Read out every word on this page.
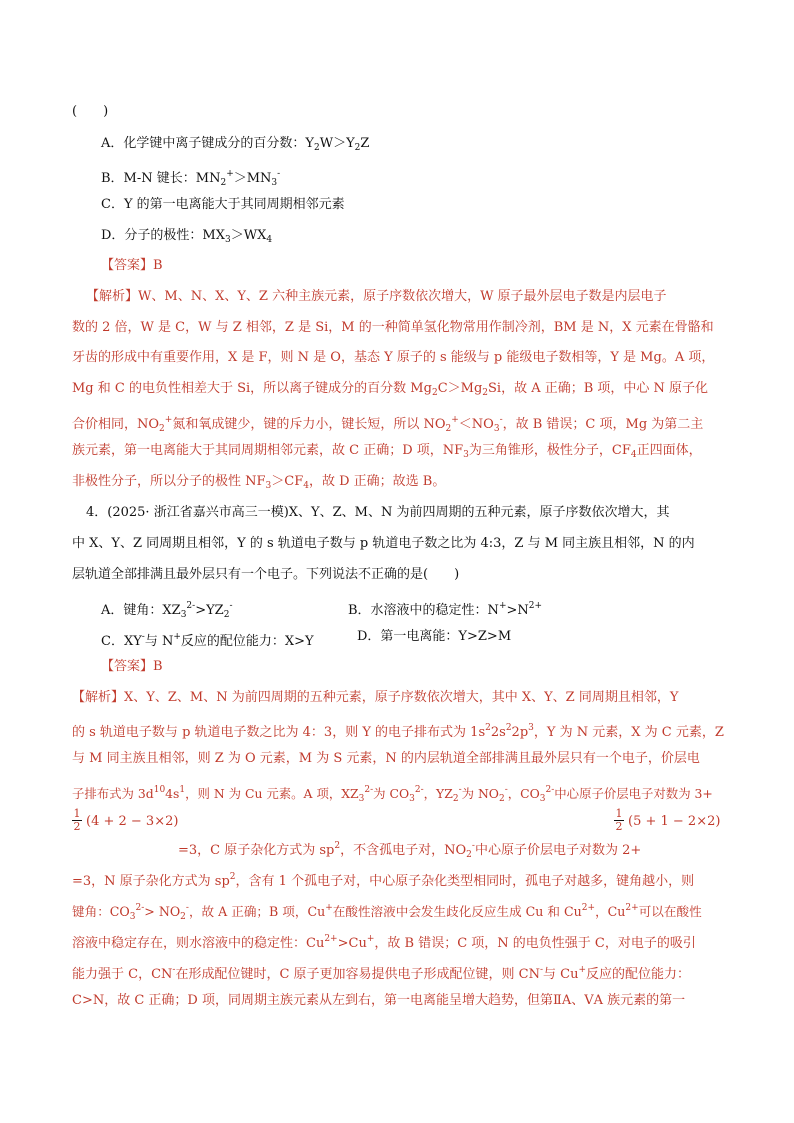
(　　)
A．化学键中离子键成分的百分数：$Y_2W>Y_2Z$
B．M-N 键长：$MN_2^+>MN_3^-$
C．Y 的第一电离能大于其同周期相邻元素
D．分子的极性：$MX_3>WX_4$
【答案】B
【解析】W、M、N、X、Y、Z 六种主族元素，原子序数依次增大，W 原子最外层电子数是内层电子
数的 2 倍，W 是 C，W 与 Z 相邻，Z 是 Si，M 的一种简单氢化物常用作制冷剂，BM 是 N，X 元素在骨骼和
牙齿的形成中有重要作用，X 是 F，则 N 是 O，基态 Y 原子的 s 能级与 p 能级电子数相等，Y 是 Mg。A 项，
Mg 和 C 的电负性相差大于 Si，所以离子键成分的百分数 $Mg_2C>Mg_2Si$，故 A 正确；B 项，中心 N 原子化
合价相同，$NO_2^+$氮和氧成键少，键的斥力小，键长短，所以 $NO_2^+<NO_3^-$，故 B 错误；C 项，Mg 为第二主
族元素，第一电离能大于其同周期相邻元素，故 C 正确；D 项，$NF_3$为三角锥形，极性分子，$CF_4$正四面体，
非极性分子，所以分子的极性 $NF_3>CF_4$，故 D 正确；故选 B。
4．(2025· 浙江省嘉兴市高三一模)X、Y、Z、M、N 为前四周期的五种元素，原子序数依次增大，其
中 X、Y、Z 同周期且相邻，Y 的 s 轨道电子数与 p 轨道电子数之比为 4:3，Z 与 M 同主族且相邻，N 的内
层轨道全部排满且最外层只有一个电子。下列说法不正确的是(　　)
A．键角：$XZ_3^{2-}>YZ_2^-$	B．水溶液中的稳定性：$N^+>N^{2+}$
C．XY-与 N+反应的配位能力：X>Y	D．第一电离能：Y>Z>M
【答案】B
【解析】X、Y、Z、M、N 为前四周期的五种元素，原子序数依次增大，其中 X、Y、Z 同周期且相邻，Y
的 s 轨道电子数与 p 轨道电子数之比为 4：3，则 Y 的电子排布式为 $1s^22s^22p^3$，Y 为 N 元素，X 为 C 元素，Z
与 M 同主族且相邻，则 Z 为 O 元素，M 为 S 元素，N 的内层轨道全部排满且最外层只有一个电子，价层电
子排布式为 $3d^{10}4s^1$，则 N 为 Cu 元素。A 项，$XZ_3^{2-}$为 $CO_3^{2-}$，$YZ_2^-$为 $NO_2^-$，$CO_3^{2-}$中心原子价层电子对数为 3+
$\frac{1}{2} (4 + 2 - 3\times 2)$	$\frac{1}{2} (5 + 1 - 2\times 2)$
=3，C 原子杂化方式为 $sp^2$，不含孤电子对，$NO_2^-$中心原子价层电子对数为 2+
=3，N 原子杂化方式为 $sp^2$，含有 1 个孤电子对，中心原子杂化类型相同时，孤电子对越多，键角越小，则
键角：$CO_3^{2-}> NO_2^-$，故 A 正确；B 项，Cu+在酸性溶液中会发生歧化反应生成 Cu 和 $Cu^{2+}$，$Cu^{2+}$可以在酸性
溶液中稳定存在，则水溶液中的稳定性：$Cu^{2+}>Cu^+$，故 B 错误；C 项，N 的电负性强于 C，对电子的吸引
能力强于 C，CN-在形成配位键时，C 原子更加容易提供电子形成配位键，则 CN-与 Cu+反应的配位能力：
C>N，故 C 正确；D 项，同周期主族元素从左到右，第一电离能呈增大趋势，但第ⅡA、ⅤA 族元素的第一
